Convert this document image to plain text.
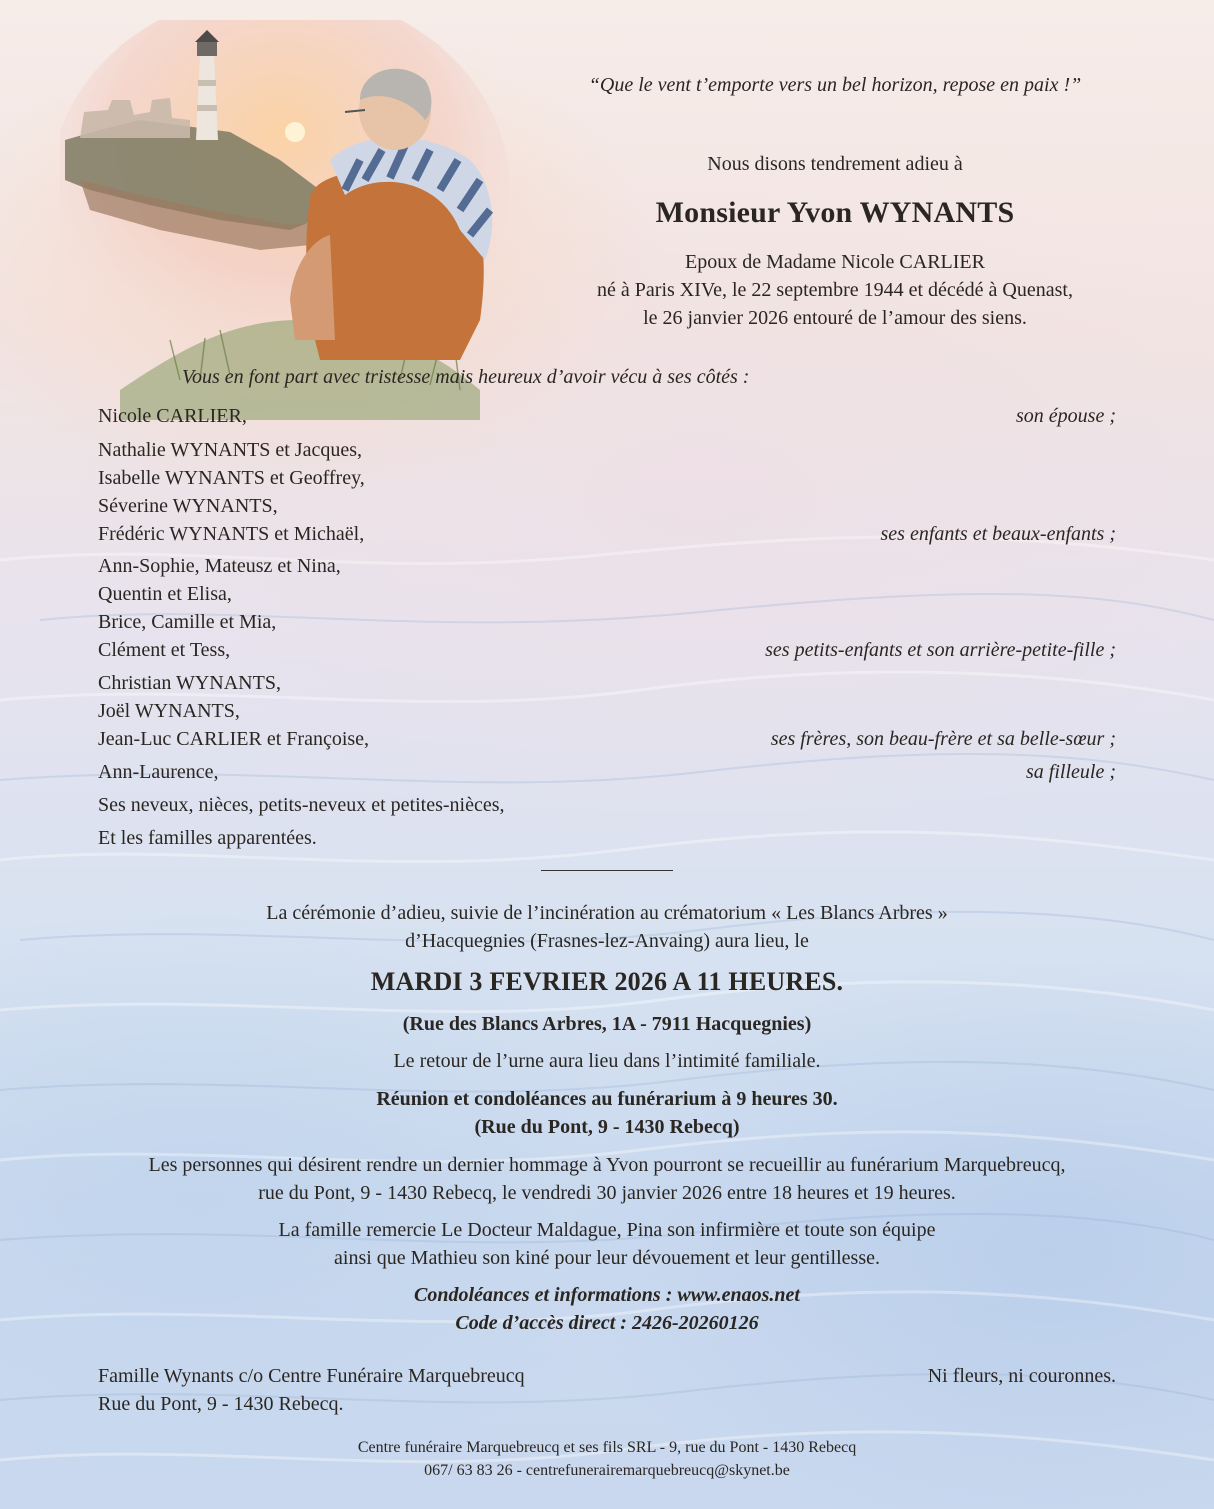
“Que le vent t’emporte vers un bel horizon, repose en paix !”
Nous disons tendrement adieu à
Monsieur Yvon WYNANTS
Epoux de Madame Nicole CARLIER
né à Paris XIVe, le 22 septembre 1944 et décédé à Quenast,
le 26 janvier 2026 entouré de l’amour des siens.
Vous en font part avec tristesse mais heureux d’avoir vécu à ses côtés :
Nicole CARLIER,	son épouse ;
Nathalie WYNANTS et Jacques,
Isabelle WYNANTS et Geoffrey,
Séverine WYNANTS,
Frédéric WYNANTS et Michaël,	ses enfants et beaux-enfants ;
Ann-Sophie, Mateusz et Nina,
Quentin et Elisa,
Brice, Camille et Mia,
Clément et Tess,	ses petits-enfants et son arrière-petite-fille ;
Christian WYNANTS,
Joël WYNANTS,
Jean-Luc CARLIER et Françoise,	ses frères, son beau-frère et sa belle-sœur ;
Ann-Laurence,	sa filleule ;
Ses neveux, nièces, petits-neveux et petites-nièces,
Et les familles apparentées.
La cérémonie d’adieu, suivie de l’incinération au crématorium « Les Blancs Arbres »
d’Hacquegnies (Frasnes-lez-Anvaing) aura lieu, le
MARDI 3 FEVRIER 2026 A 11 HEURES.
(Rue des Blancs Arbres, 1A - 7911 Hacquegnies)
Le retour de l’urne aura lieu dans l’intimité familiale.
Réunion et condoléances au funérarium à 9 heures 30.
(Rue du Pont, 9 - 1430 Rebecq)
Les personnes qui désirent rendre un dernier hommage à Yvon pourront se recueillir au funérarium Marquebreucq,
rue du Pont, 9 - 1430 Rebecq, le vendredi 30 janvier 2026 entre 18 heures et 19 heures.
La famille remercie Le Docteur Maldague, Pina son infirmière et toute son équipe
ainsi que Mathieu son kiné pour leur dévouement et leur gentillesse.
Condoléances et informations : www.enaos.net
Code d’accès direct : 2426-20260126
Famille Wynants c/o Centre Funéraire Marquebreucq
Rue du Pont, 9 - 1430 Rebecq.
Ni fleurs, ni couronnes.
Centre funéraire Marquebreucq et ses fils SRL - 9, rue du Pont - 1430 Rebecq
067/ 63 83 26 - centrefunerairemarquebreucq@skynet.be
